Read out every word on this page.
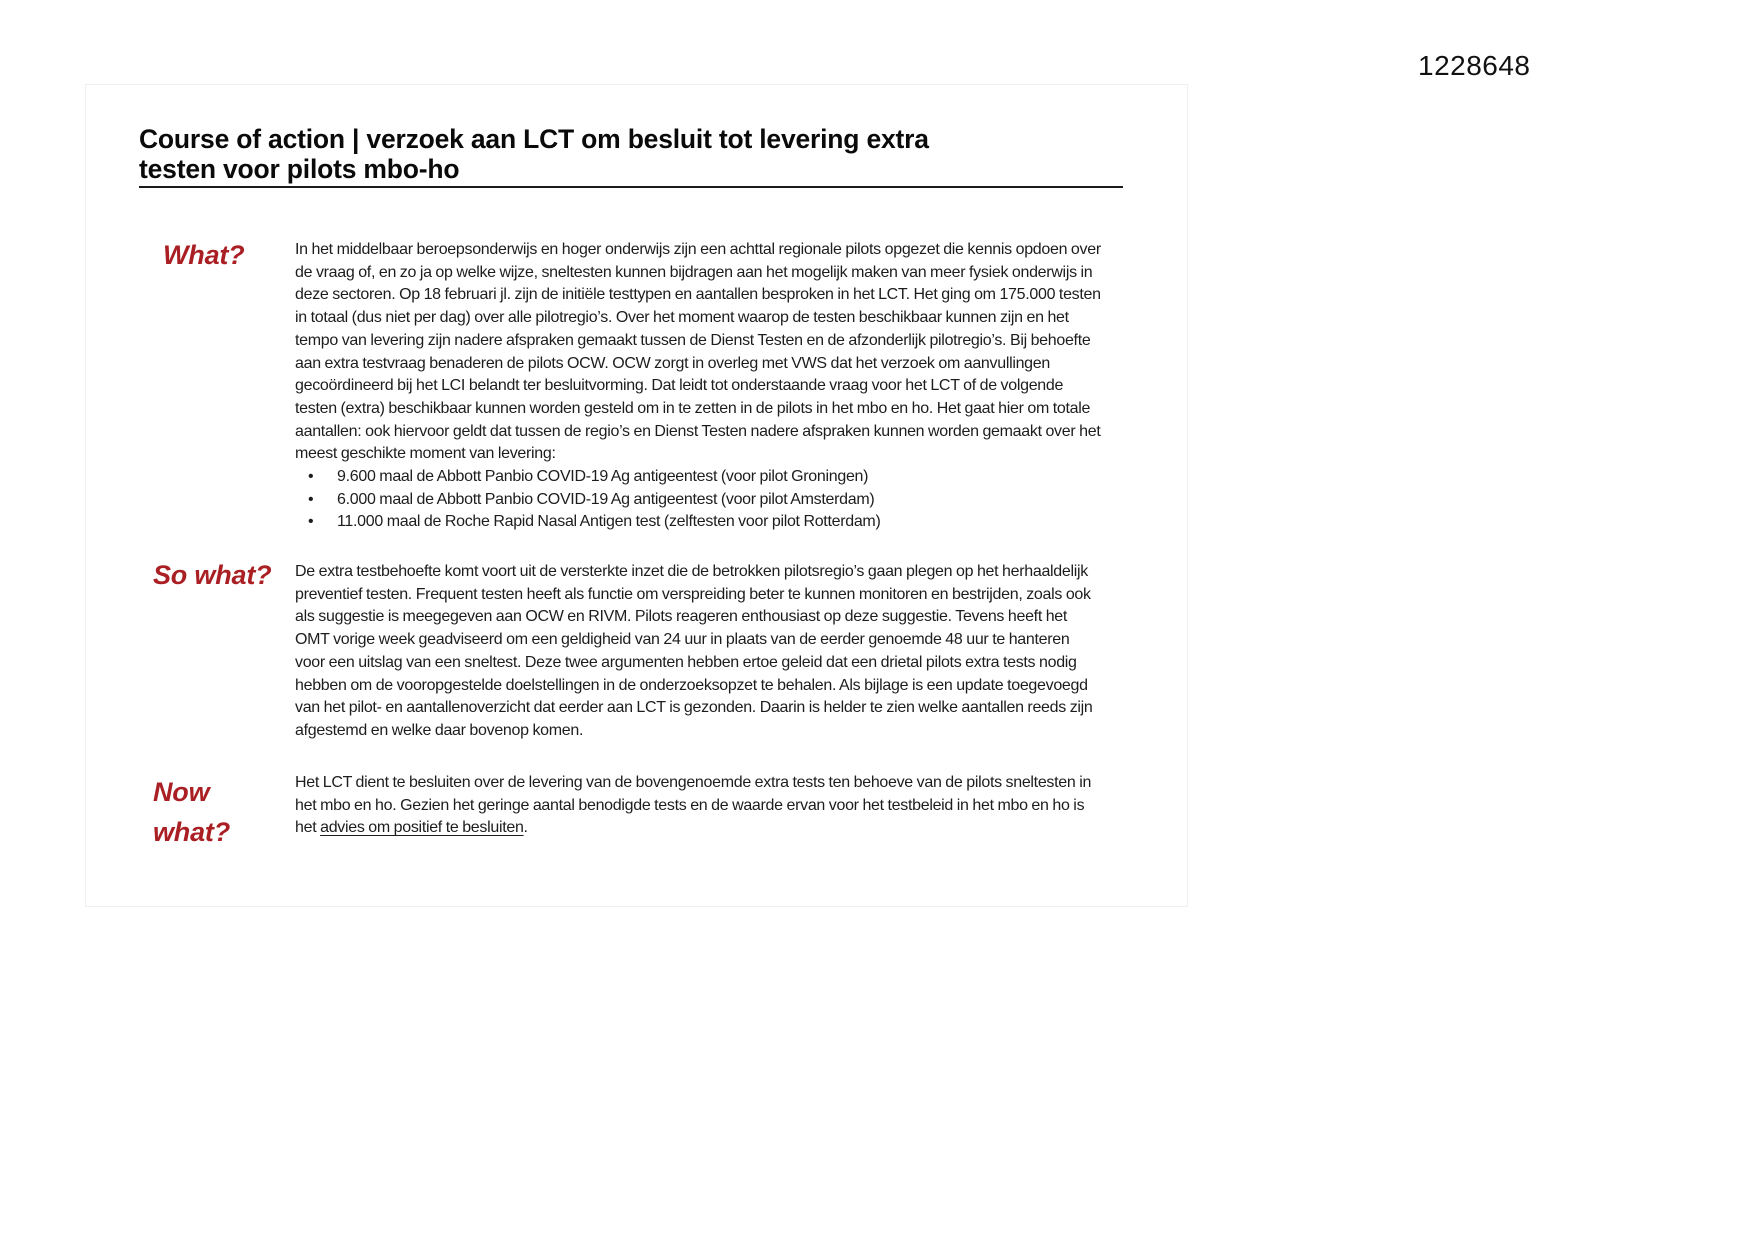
1228648
Course of action | verzoek aan LCT om besluit tot levering extra
testen voor pilots mbo-ho
What?	In het middelbaar beroepsonderwijs en hoger onderwijs zijn een achttal regionale pilots opgezet die kennis opdoen over de vraag of, en zo ja op welke wijze, sneltesten kunnen bijdragen aan het mogelijk maken van meer fysiek onderwijs in deze sectoren. Op 18 februari jl. zijn de initiële testtypen en aantallen besproken in het LCT. Het ging om 175.000 testen in totaal (dus niet per dag) over alle pilotregio’s. Over het moment waarop de testen beschikbaar kunnen zijn en het tempo van levering zijn nadere afspraken gemaakt tussen de Dienst Testen en de afzonderlijk pilotregio’s. Bij behoefte aan extra testvraag benaderen de pilots OCW. OCW zorgt in overleg met VWS dat het verzoek om aanvullingen gecoördineerd bij het LCI belandt ter besluitvorming. Dat leidt tot onderstaande vraag voor het LCT of de volgende testen (extra) beschikbaar kunnen worden gesteld om in te zetten in de pilots in het mbo en ho. Het gaat hier om totale aantallen: ook hiervoor geldt dat tussen de regio’s en Dienst Testen nadere afspraken kunnen worden gemaakt over het meest geschikte moment van levering:

• 9.600 maal de Abbott Panbio COVID-19 Ag antigeentest (voor pilot Groningen)
• 6.000 maal de Abbott Panbio COVID-19 Ag antigeentest (voor pilot Amsterdam)
• 11.000 maal de Roche Rapid Nasal Antigen test (zelftesten voor pilot Rotterdam)
So what? De extra testbehoefte komt voort uit de versterkte inzet die de betrokken pilotsregio’s gaan plegen op het herhaaldelijk preventief testen. Frequent testen heeft als functie om verspreiding beter te kunnen monitoren en bestrijden, zoals ook als suggestie is meegegeven aan OCW en RIVM. Pilots reageren enthousiast op deze suggestie. Tevens heeft het OMT vorige week geadviseerd om een geldigheid van 24 uur in plaats van de eerder genoemde 48 uur te hanteren voor een uitslag van een sneltest. Deze twee argumenten hebben ertoe geleid dat een drietal pilots extra tests nodig hebben om de vooropgestelde doelstellingen in de onderzoeksopzet te behalen. Als bijlage is een update toegevoegd van het pilot- en aantallenoverzicht dat eerder aan LCT is gezonden. Daarin is helder te zien welke aantallen reeds zijn afgestemd en welke daar bovenop komen.

Now
what?

Het LCT dient te besluiten over de levering van de bovengenoemde extra tests ten behoeve van de pilots sneltesten in het mbo en ho. Gezien het geringe aantal benodigde tests en de waarde ervan voor het testbeleid in het mbo en ho is het advies om positief te besluiten.
